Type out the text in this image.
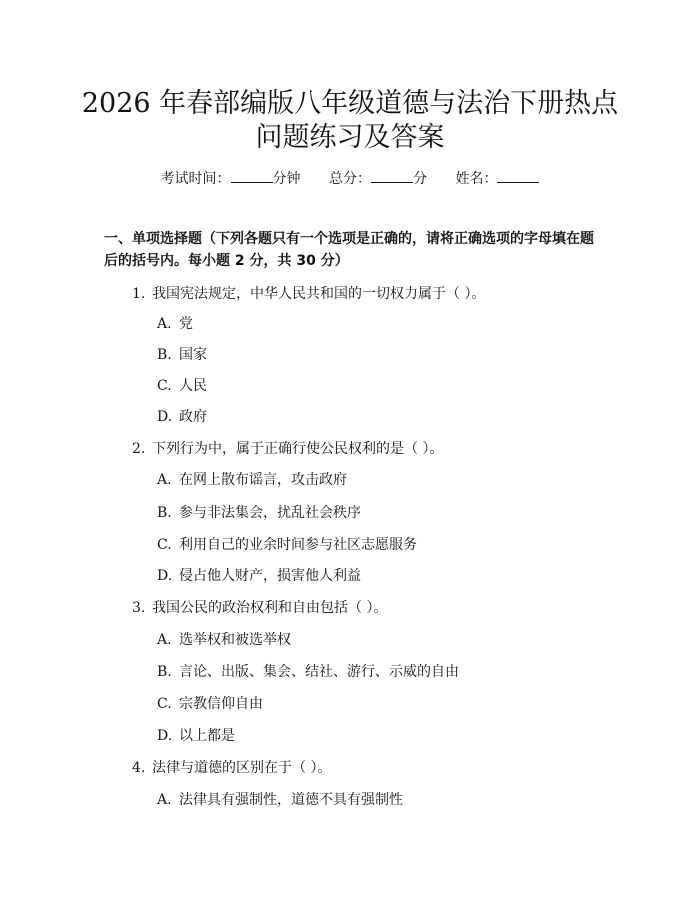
2026 年春部编版八年级道德与法治下册热点
问题练习及答案
考试时间：	分钟 总分：	分 姓名：
一、单项选择题（下列各题只有一个选项是正确的，请将正确选项的字母填在题后的括号内。每小题 2 分，共 30 分）
1. 我国宪法规定，中华人民共和国的一切权力属于（ ）。
A. 党
B. 国家
C. 人民
D. 政府
2. 下列行为中，属于正确行使公民权利的是（ ）。
A. 在网上散布谣言，攻击政府
B. 参与非法集会，扰乱社会秩序
C. 利用自己的业余时间参与社区志愿服务
D. 侵占他人财产，损害他人利益
3. 我国公民的政治权利和自由包括（ ）。
A. 选举权和被选举权
B. 言论、出版、集会、结社、游行、示威的自由
C. 宗教信仰自由
D. 以上都是
4. 法律与道德的区别在于（ ）。
A. 法律具有强制性，道德不具有强制性
